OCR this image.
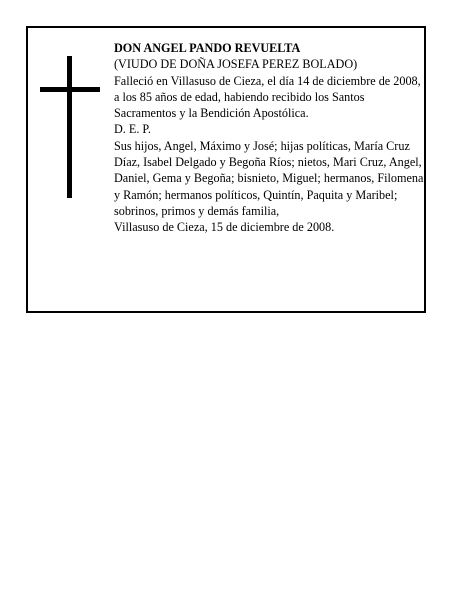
DON ANGEL PANDO REVUELTA

(VIUDO DE DOÑA JOSEFA PEREZ BOLADO)

Falleció en Villasuso de Cieza, el día 14 de diciembre de 2008, a los 85 años de edad, habiendo recibido los Santos Sacramentos y la Bendición Apostólica.

D. E. P.

Sus hijos, Angel, Máximo y José; hijas políticas, María Cruz Díaz, Isabel Delgado y Begoña Ríos; nietos, Mari Cruz, Angel, Daniel, Gema y Begoña; bisnieto, Miguel; hermanos, Filomena y Ramón; hermanos políticos, Quintín, Paquita y Maribel; sobrinos, primos y demás familia,

Villasuso de Cieza, 15 de diciembre de 2008.
